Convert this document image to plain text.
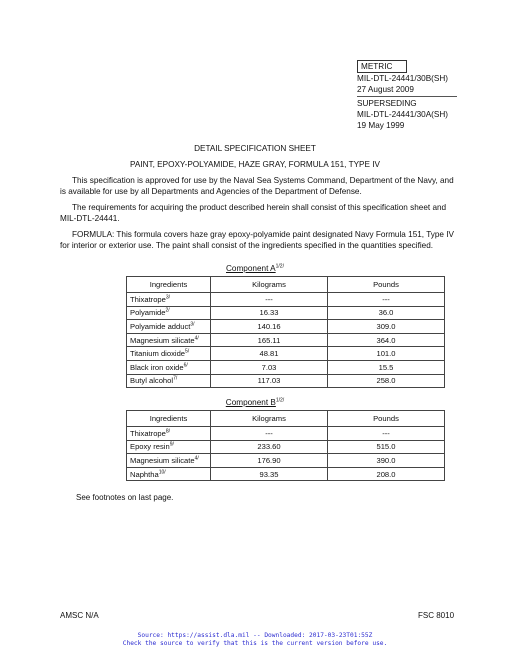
METRIC
MIL-DTL-24441/30B(SH)
27 August 2009
SUPERSEDING
MIL-DTL-24441/30A(SH)
19 May 1999
DETAIL SPECIFICATION SHEET
PAINT, EPOXY-POLYAMIDE, HAZE GRAY, FORMULA 151, TYPE IV
This specification is approved for use by the Naval Sea Systems Command, Department of the Navy, and is available for use by all Departments and Agencies of the Department of Defense.
The requirements for acquiring the product described herein shall consist of this specification sheet and MIL-DTL-24441.
FORMULA: This formula covers haze gray epoxy-polyamide paint designated Navy Formula 151, Type IV for interior or exterior use. The paint shall consist of the ingredients specified in the quantities specified.
Component $A^{1/2/}$
Ingredients	Kilograms	Pounds
Thixatrope$^{3/}$	---	---
Polyamide$^{2/}$	16.33	36.0
Polyamide adduct$^{3/}$	140.16	309.0
Magnesium silicate$^{4/}$	165.11	364.0
Titanium dioxide$^{5/}$	48.81	101.0
Black iron oxide$^{6/}$	7.03	15.5
Butyl alcohol$^{7/}$	117.03	258.0
Component $B^{1/2/}$
Ingredients	Kilograms	Pounds
Thixatrope$^{8/}$	---	---
Epoxy resin$^{9/}$	233.60	515.0
Magnesium silicate$^{4/}$	176.90	390.0
Naphtha$^{10/}$	93.35	208.0
See footnotes on last page.
AMSC N/A	FSC 8010
Source: https://assist.dla.mil -- Downloaded: 2017-03-23T01:55Z
Check the source to verify that this is the current version before use.
